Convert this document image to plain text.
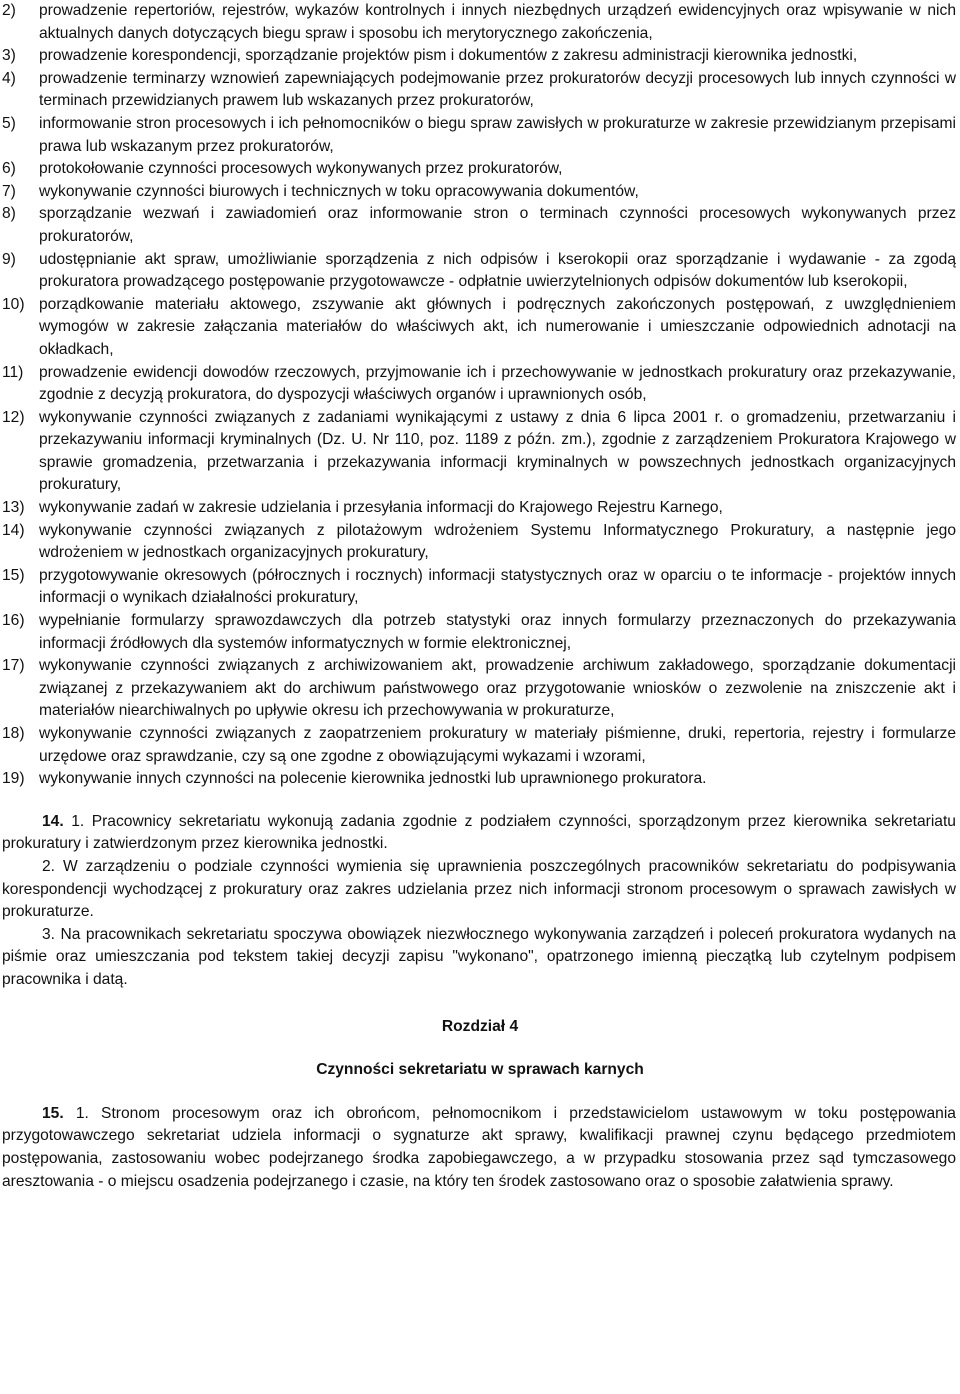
2)	prowadzenie repertoriów, rejestrów, wykazów kontrolnych i innych niezbędnych urządzeń ewidencyjnych oraz wpisywanie w nich aktualnych danych dotyczących biegu spraw i sposobu ich merytorycznego zakończenia,
3)	prowadzenie korespondencji, sporządzanie projektów pism i dokumentów z zakresu administracji kierownika jednostki,
4)	prowadzenie terminarzy wznowień zapewniających podejmowanie przez prokuratorów decyzji procesowych lub innych czynności w terminach przewidzianych prawem lub wskazanych przez prokuratorów,
5)	informowanie stron procesowych i ich pełnomocników o biegu spraw zawisłych w prokuraturze w zakresie przewidzianym przepisami prawa lub wskazanym przez prokuratorów,
6)	protokołowanie czynności procesowych wykonywanych przez prokuratorów,
7)	wykonywanie czynności biurowych i technicznych w toku opracowywania dokumentów,
8)	sporządzanie wezwań i zawiadomień oraz informowanie stron o terminach czynności procesowych wykonywanych przez prokuratorów,
9)	udostępnianie akt spraw, umożliwianie sporządzenia z nich odpisów i kserokopii oraz sporządzanie i wydawanie - za zgodą prokuratora prowadzącego postępowanie przygotowawcze - odpłatnie uwierzytelnionych odpisów dokumentów lub kserokopii,
10) porządkowanie materiału aktowego, zszywanie akt głównych i podręcznych zakończonych postępowań, z uwzględnieniem wymogów w zakresie załączania materiałów do właściwych akt, ich numerowanie i umieszczanie odpowiednich adnotacji na okładkach,
11)	prowadzenie ewidencji dowodów rzeczowych, przyjmowanie ich i przechowywanie w jednostkach prokuratury oraz przekazywanie, zgodnie z decyzją prokuratora, do dyspozycji właściwych organów i uprawnionych osób,
12) wykonywanie czynności związanych z zadaniami wynikającymi z ustawy z dnia 6 lipca 2001 r. o gromadzeniu, przetwarzaniu i przekazywaniu informacji kryminalnych (Dz. U. Nr 110, poz. 1189 z późn. zm.), zgodnie z zarządzeniem Prokuratora Krajowego w sprawie gromadzenia, przetwarzania i przekazywania informacji kryminalnych w powszechnych jednostkach organizacyjnych prokuratury,
13) wykonywanie zadań w zakresie udzielania i przesyłania informacji do Krajowego Rejestru Karnego,
14) wykonywanie czynności związanych z pilotażowym wdrożeniem Systemu Informatycznego Prokuratury, a następnie jego wdrożeniem w jednostkach organizacyjnych prokuratury,
15) przygotowywanie okresowych (półrocznych i rocznych) informacji statystycznych oraz w oparciu o te informacje - projektów innych informacji o wynikach działalności prokuratury,
16) wypełnianie formularzy sprawozdawczych dla potrzeb statystyki oraz innych formularzy przeznaczonych do przekazywania informacji źródłowych dla systemów informatycznych w formie elektronicznej,
17) wykonywanie czynności związanych z archiwizowaniem akt, prowadzenie archiwum zakładowego, sporządzanie dokumentacji związanej z przekazywaniem akt do archiwum państwowego oraz przygotowanie wniosków o zezwolenie na zniszczenie akt i materiałów niearchiwalnych po upływie okresu ich przechowywania w prokuraturze,
18) wykonywanie czynności związanych z zaopatrzeniem prokuratury w materiały piśmienne, druki, repertoria, rejestry i formularze urzędowe oraz sprawdzanie, czy są one zgodne z obowiązującymi wykazami i wzorami,
19) wykonywanie innych czynności na polecenie kierownika jednostki lub uprawnionego prokuratora.

14. 1. Pracownicy sekretariatu wykonują zadania zgodnie z podziałem czynności, sporządzonym przez kierownika sekretariatu prokuratury i zatwierdzonym przez kierownika jednostki.

2. W zarządzeniu o podziale czynności wymienia się uprawnienia poszczególnych pracowników sekretariatu do podpisywania korespondencji wychodzącej z prokuratury oraz zakres udzielania przez nich informacji stronom procesowym o sprawach zawisłych w prokuraturze.

3. Na pracownikach sekretariatu spoczywa obowiązek niezwłocznego wykonywania zarządzeń i poleceń prokuratora wydanych na piśmie oraz umieszczania pod tekstem takiej decyzji zapisu "wykonano", opatrzonego imienną pieczątką lub czytelnym podpisem pracownika i datą.

Rozdział 4

Czynności sekretariatu w sprawach karnych

15. 1. Stronom procesowym oraz ich obrońcom, pełnomocnikom i przedstawicielom ustawowym w toku postępowania przygotowawczego sekretariat udziela informacji o sygnaturze akt sprawy, kwalifikacji prawnej czynu będącego przedmiotem postępowania, zastosowaniu wobec podejrzanego środka zapobiegawczego, a w przypadku stosowania przez sąd tymczasowego aresztowania - o miejscu osadzenia podejrzanego i czasie, na który ten środek zastosowano oraz o sposobie załatwienia sprawy.
